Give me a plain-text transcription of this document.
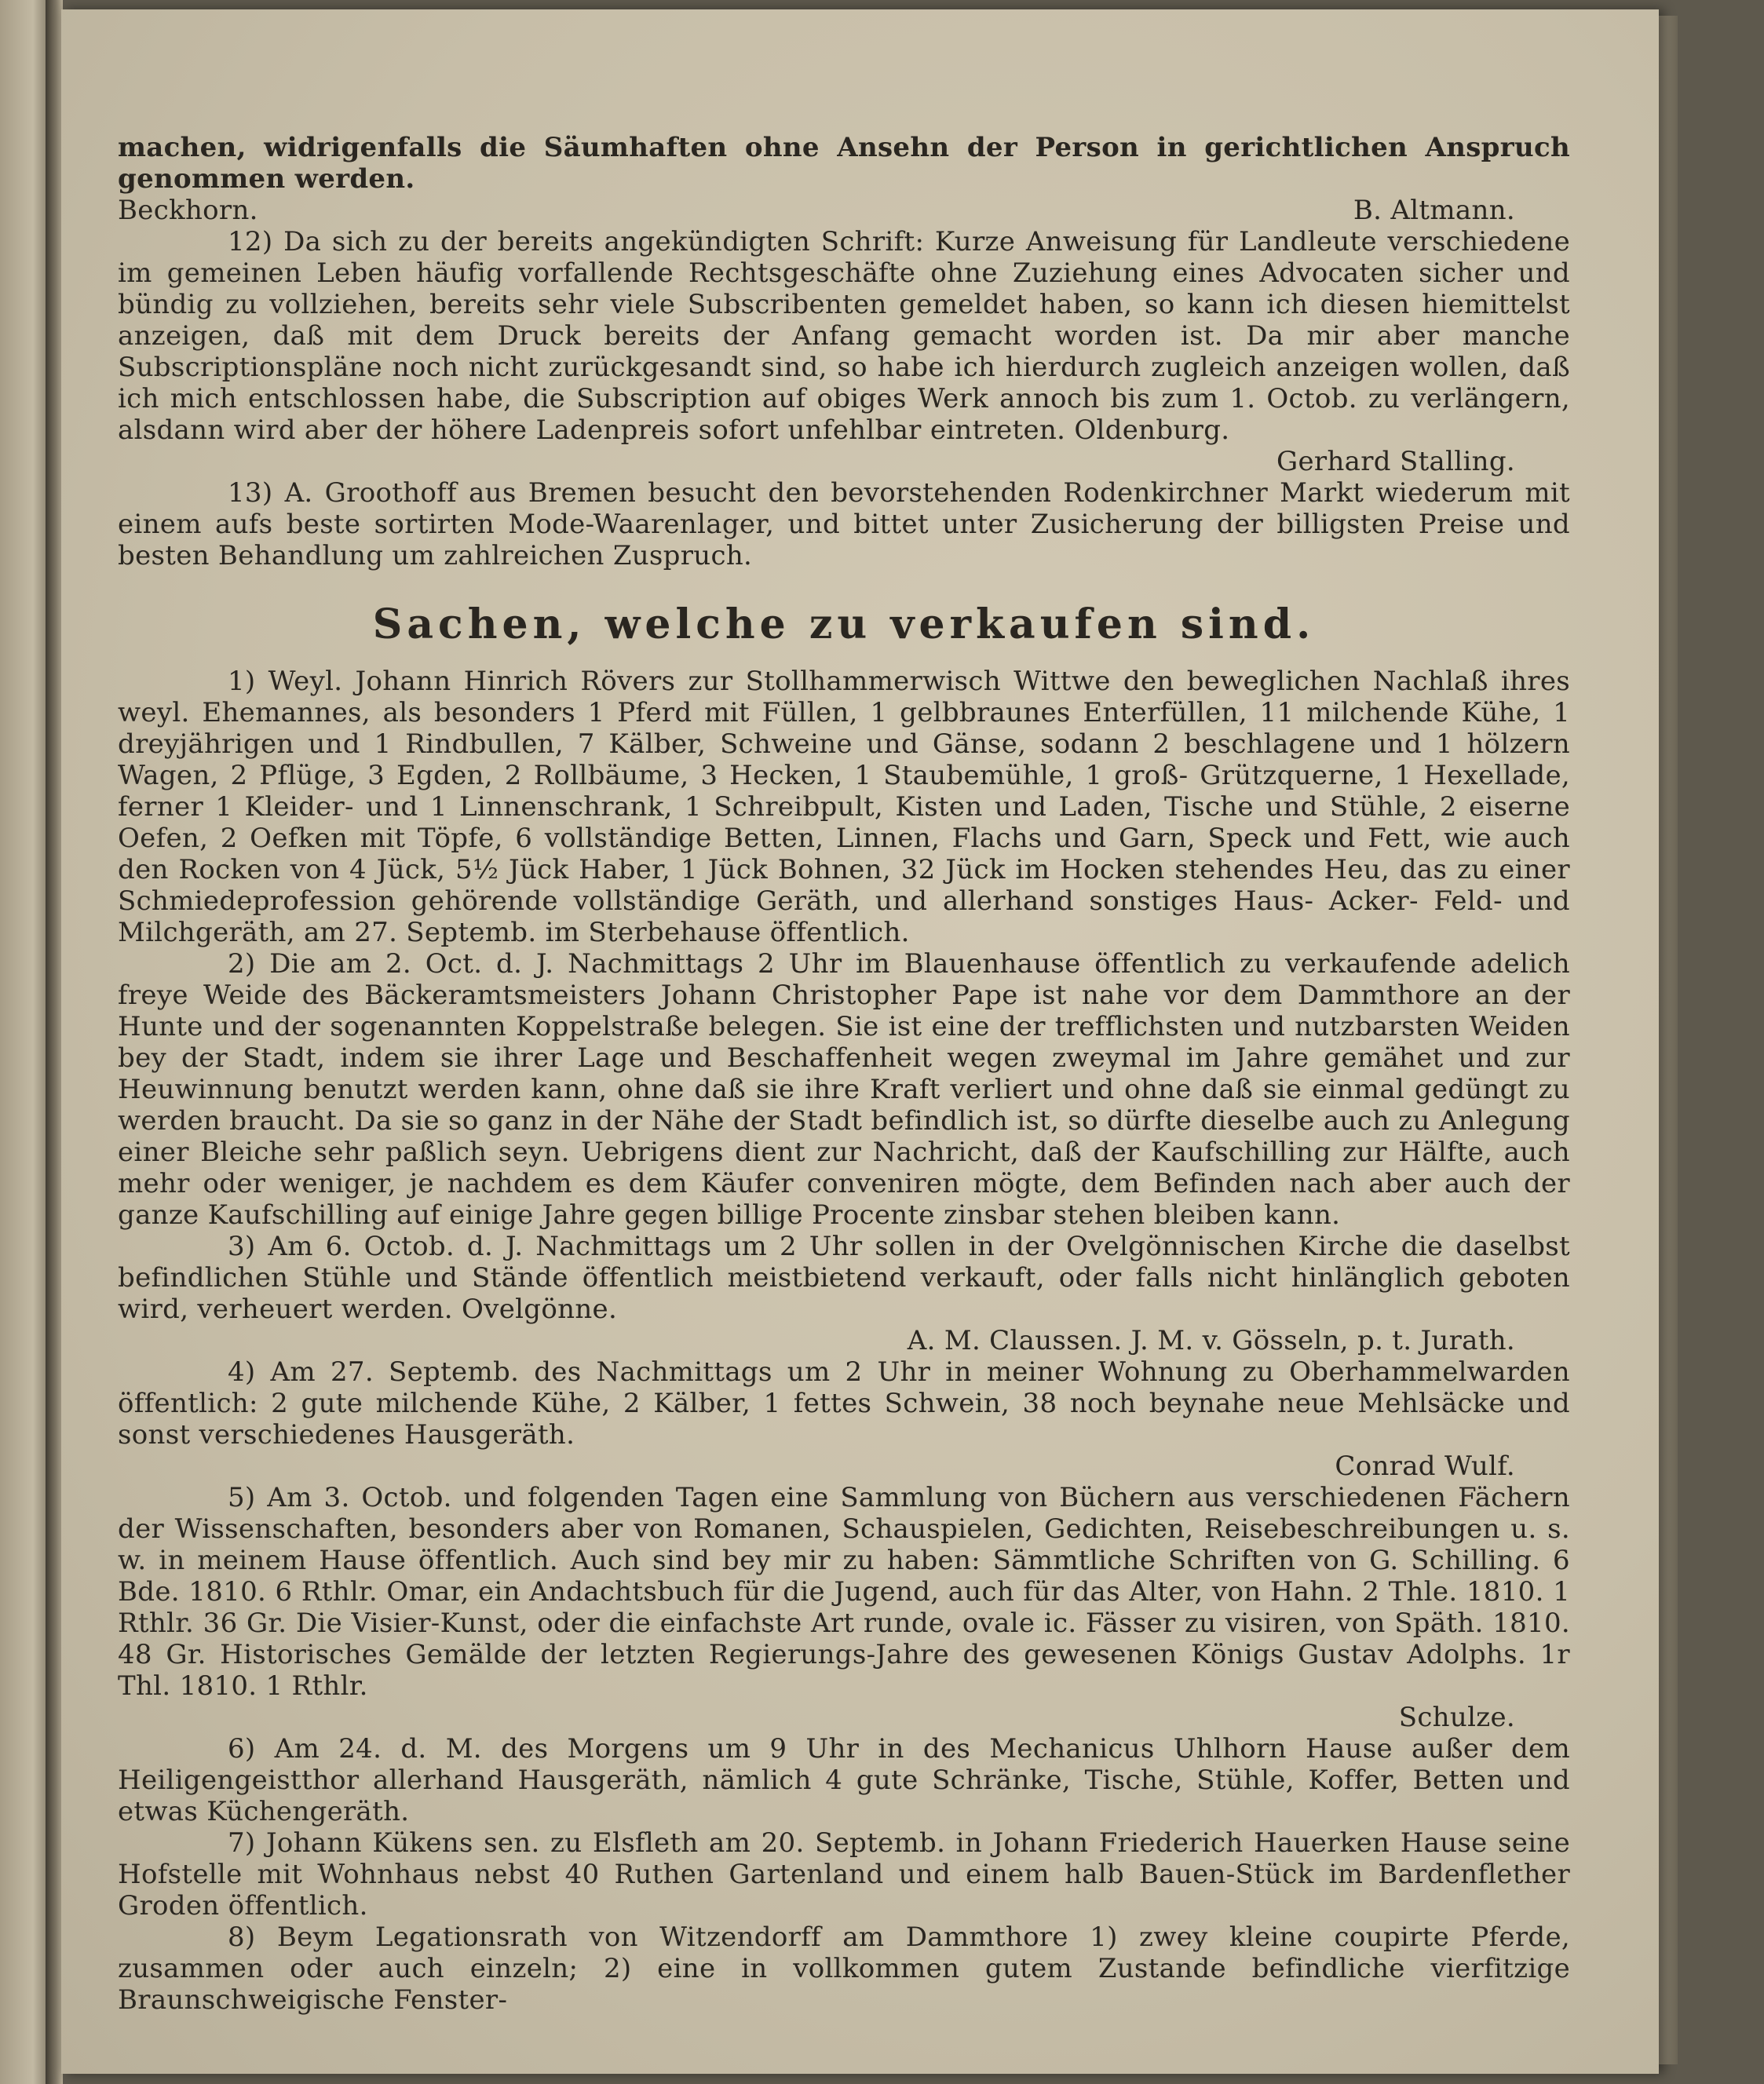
machen, widrigenfalls die Säumhaften ohne Ansehn der Person in gerichtlichen Anspruch genommen werden.

Beckhorn.	B. Altmann.

12) Da sich zu der bereits angekündigten Schrift: Kurze Anweisung für Landleute verschiedene im gemeinen Leben häufig vorfallende Rechtsgeschäfte ohne Zuziehung eines Advocaten sicher und bündig zu vollziehen, bereits sehr viele Subscribenten gemeldet haben, so kann ich diesen hiemittelst anzeigen, daß mit dem Druck bereits der Anfang gemacht worden ist. Da mir aber manche Subscriptionspläne noch nicht zurückgesandt sind, so habe ich hierdurch zugleich anzeigen wollen, daß ich mich entschlossen habe, die Subscription auf obiges Werk annoch bis zum 1. Octob. zu verlängern, alsdann wird aber der höhere Ladenpreis sofort unfehlbar eintreten. Oldenburg.

Gerhard Stalling.

13) A. Groothoff aus Bremen besucht den bevorstehenden Rodenkirchner Markt wiederum mit einem aufs beste sortirten Mode-Waarenlager, und bittet unter Zusicherung der billigsten Preise und besten Behandlung um zahlreichen Zuspruch.

Sachen, welche zu verkaufen sind.

1) Weyl. Johann Hinrich Rövers zur Stollhammerwisch Wittwe den beweglichen Nachlaß ihres weyl. Ehemannes, als besonders 1 Pferd mit Füllen, 1 gelbbraunes Enterfüllen, 11 milchende Kühe, 1 dreyjährigen und 1 Rindbullen, 7 Kälber, Schweine und Gänse, sodann 2 beschlagene und 1 hölzern Wagen, 2 Pflüge, 3 Egden, 2 Rollbäume, 3 Hecken, 1 Staubemühle, 1 groß- Grützquerne, 1 Hexellade, ferner 1 Kleider- und 1 Linnenschrank, 1 Schreibpult, Kisten und Laden, Tische und Stühle, 2 eiserne Oefen, 2 Oefken mit Töpfe, 6 vollständige Betten, Linnen, Flachs und Garn, Speck und Fett, wie auch den Rocken von 4 Jück, 5½ Jück Haber, 1 Jück Bohnen, 32 Jück im Hocken stehendes Heu, das zu einer Schmiedeprofession gehörende vollständige Geräth, und allerhand sonstiges Haus- Acker- Feld- und Milchgeräth, am 27. Septemb. im Sterbehause öffentlich.

2) Die am 2. Oct. d. J. Nachmittags 2 Uhr im Blauenhause öffentlich zu verkaufende adelich freye Weide des Bäckeramtsmeisters Johann Christopher Pape ist nahe vor dem Dammthore an der Hunte und der sogenannten Koppelstraße belegen. Sie ist eine der trefflichsten und nutzbarsten Weiden bey der Stadt, indem sie ihrer Lage und Beschaffenheit wegen zweymal im Jahre gemähet und zur Heuwinnung benutzt werden kann, ohne daß sie ihre Kraft verliert und ohne daß sie einmal gedüngt zu werden braucht. Da sie so ganz in der Nähe der Stadt befindlich ist, so dürfte dieselbe auch zu Anlegung einer Bleiche sehr paßlich seyn. Uebrigens dient zur Nachricht, daß der Kaufschilling zur Hälfte, auch mehr oder weniger, je nachdem es dem Käufer conveniren mögte, dem Befinden nach aber auch der ganze Kaufschilling auf einige Jahre gegen billige Procente zinsbar stehen bleiben kann.

3) Am 6. Octob. d. J. Nachmittags um 2 Uhr sollen in der Ovelgönnischen Kirche die daselbst befindlichen Stühle und Stände öffentlich meistbietend verkauft, oder falls nicht hinlänglich geboten wird, verheuert werden. Ovelgönne.

A. M. Claussen. J. M. v. Gösseln, p. t. Jurath.

4) Am 27. Septemb. des Nachmittags um 2 Uhr in meiner Wohnung zu Oberhammelwarden öffentlich: 2 gute milchende Kühe, 2 Kälber, 1 fettes Schwein, 38 noch beynahe neue Mehlsäcke und sonst verschiedenes Hausgeräth.

Conrad Wulf.

5) Am 3. Octob. und folgenden Tagen eine Sammlung von Büchern aus verschiedenen Fächern der Wissenschaften, besonders aber von Romanen, Schauspielen, Gedichten, Reisebeschreibungen u. s. w. in meinem Hause öffentlich. Auch sind bey mir zu haben: Sämmtliche Schriften von G. Schilling. 6 Bde. 1810. 6 Rthlr. Omar, ein Andachtsbuch für die Jugend, auch für das Alter, von Hahn. 2 Thle. 1810. 1 Rthlr. 36 Gr. Die Visier-Kunst, oder die einfachste Art runde, ovale ic. Fässer zu visiren, von Späth. 1810. 48 Gr. Historisches Gemälde der letzten Regierungs-Jahre des gewesenen Königs Gustav Adolphs. 1r Thl. 1810. 1 Rthlr.

Schulze.

6) Am 24. d. M. des Morgens um 9 Uhr in des Mechanicus Uhlhorn Hause außer dem Heiligengeistthor allerhand Hausgeräth, nämlich 4 gute Schränke, Tische, Stühle, Koffer, Betten und etwas Küchengeräth.

7) Johann Kükens sen. zu Elsfleth am 20. Septemb. in Johann Friederich Hauerken Hause seine Hofstelle mit Wohnhaus nebst 40 Ruthen Gartenland und einem halb Bauen-Stück im Bardenflether Groden öffentlich.

8) Beym Legationsrath von Witzendorff am Dammthore 1) zwey kleine coupirte Pferde, zusammen oder auch einzeln; 2) eine in vollkommen gutem Zustande befindliche vierfitzige Braunschweigische Fenster-
